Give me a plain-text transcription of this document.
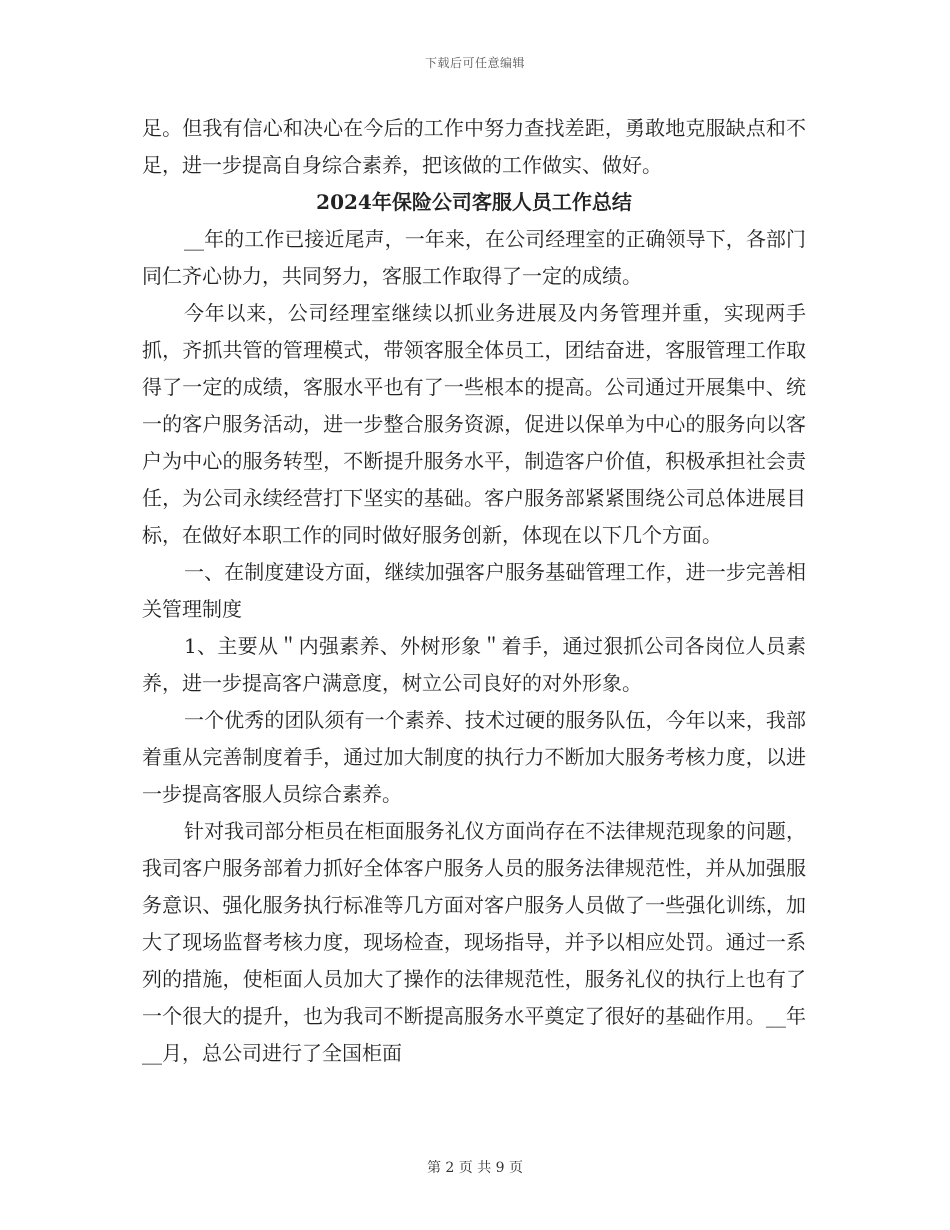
下载后可任意编辑

足。但我有信心和决心在今后的工作中努力查找差距，勇敢地克服缺点和不足，进一步提高自身综合素养，把该做的工作做实、做好。

2024年保险公司客服人员工作总结

__年的工作已接近尾声，一年来，在公司经理室的正确领导下，各部门同仁齐心协力，共同努力，客服工作取得了一定的成绩。

今年以来，公司经理室继续以抓业务进展及内务管理并重，实现两手抓，齐抓共管的管理模式，带领客服全体员工，团结奋进，客服管理工作取得了一定的成绩，客服水平也有了一些根本的提高。公司通过开展集中、统一的客户服务活动，进一步整合服务资源，促进以保单为中心的服务向以客户为中心的服务转型，不断提升服务水平，制造客户价值，积极承担社会责任，为公司永续经营打下坚实的基础。客户服务部紧紧围绕公司总体进展目标，在做好本职工作的同时做好服务创新，体现在以下几个方面。

一、在制度建设方面，继续加强客户服务基础管理工作，进一步完善相关管理制度

1、主要从＂内强素养、外树形象＂着手，通过狠抓公司各岗位人员素养，进一步提高客户满意度，树立公司良好的对外形象。

一个优秀的团队须有一个素养、技术过硬的服务队伍，今年以来，我部着重从完善制度着手，通过加大制度的执行力不断加大服务考核力度，以进一步提高客服人员综合素养。

针对我司部分柜员在柜面服务礼仪方面尚存在不法律规范现象的问题，我司客户服务部着力抓好全体客户服务人员的服务法律规范性，并从加强服务意识、强化服务执行标准等几方面对客户服务人员做了一些强化训练，加大了现场监督考核力度，现场检查，现场指导，并予以相应处罚。通过一系列的措施，使柜面人员加大了操作的法律规范性，服务礼仪的执行上也有了一个很大的提升，也为我司不断提高服务水平奠定了很好的基础作用。__年__月，总公司进行了全国柜面

第 2 页 共 9 页
